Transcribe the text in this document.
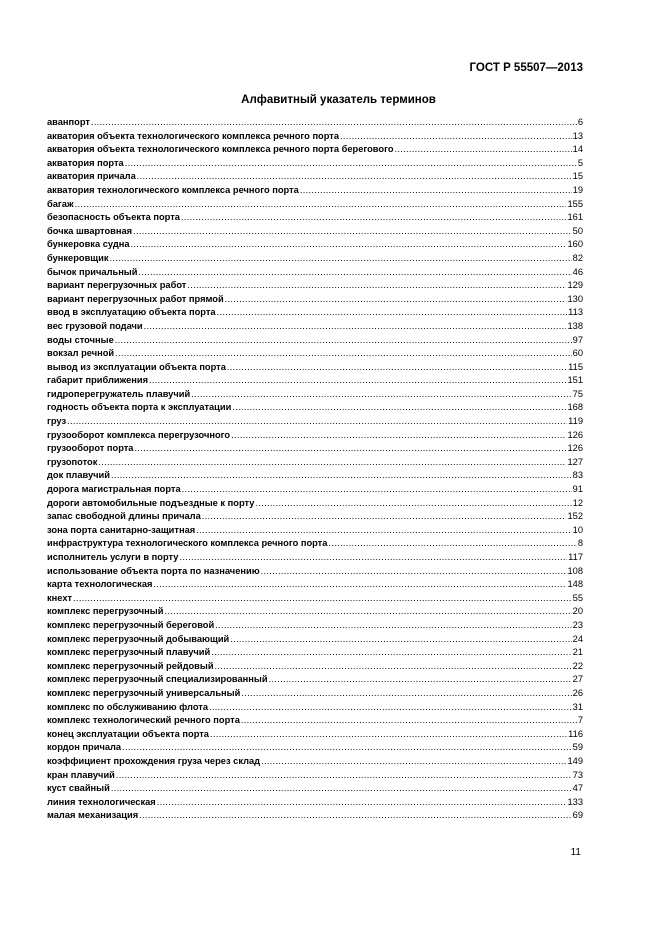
ГОСТ Р 55507—2013
Алфавитный указатель терминов
аванпорт .....	6
акватория объекта технологического комплекса речного порта .....	13
акватория объекта технологического комплекса речного порта берегового .....	14
акватория порта .....	5
акватория причала .....	15
акватория технологического комплекса речного порта .....	19
багаж .....	155
безопасность объекта порта .....	161
бочка швартовная .....	50
бункеровка судна .....	160
бункеровщик .....	82
бычок причальный .....	46
вариант перегрузочных работ .....	129
вариант перегрузочных работ прямой .....	130
ввод в эксплуатацию объекта порта .....	113
вес грузовой подачи .....	138
воды сточные .....	97
вокзал речной .....	60
вывод из эксплуатации объекта порта .....	115
габарит приближения .....	151
гидроперегружатель плавучий .....	75
годность объекта порта к эксплуатации .....	168
груз .....	119
грузооборот комплекса перегрузочного .....	126
грузооборот порта .....	126
грузопоток .....	127
док плавучий .....	83
дорога магистральная порта .....	91
дороги автомобильные подъездные к порту .....	12
запас свободной длины причала .....	152
зона порта санитарно-защитная .....	10
инфраструктура технологического комплекса речного порта .....	8
исполнитель услуги в порту .....	117
использование объекта порта по назначению .....	108
карта технологическая .....	148
кнехт .....	55
комплекс перегрузочный .....	20
комплекс перегрузочный береговой .....	23
комплекс перегрузочный добывающий .....	24
комплекс перегрузочный плавучий .....	21
комплекс перегрузочный рейдовый .....	22
комплекс перегрузочный специализированный .....	27
комплекс перегрузочный универсальный .....	26
комплекс по обслуживанию флота .....	31
комплекс технологический речного порта .....	7
конец эксплуатации объекта порта .....	116
кордон причала .....	59
коэффициент прохождения груза через склад .....	149
кран плавучий .....	73
куст свайный .....	47
линия технологическая .....	133
малая механизация .....	69
11
